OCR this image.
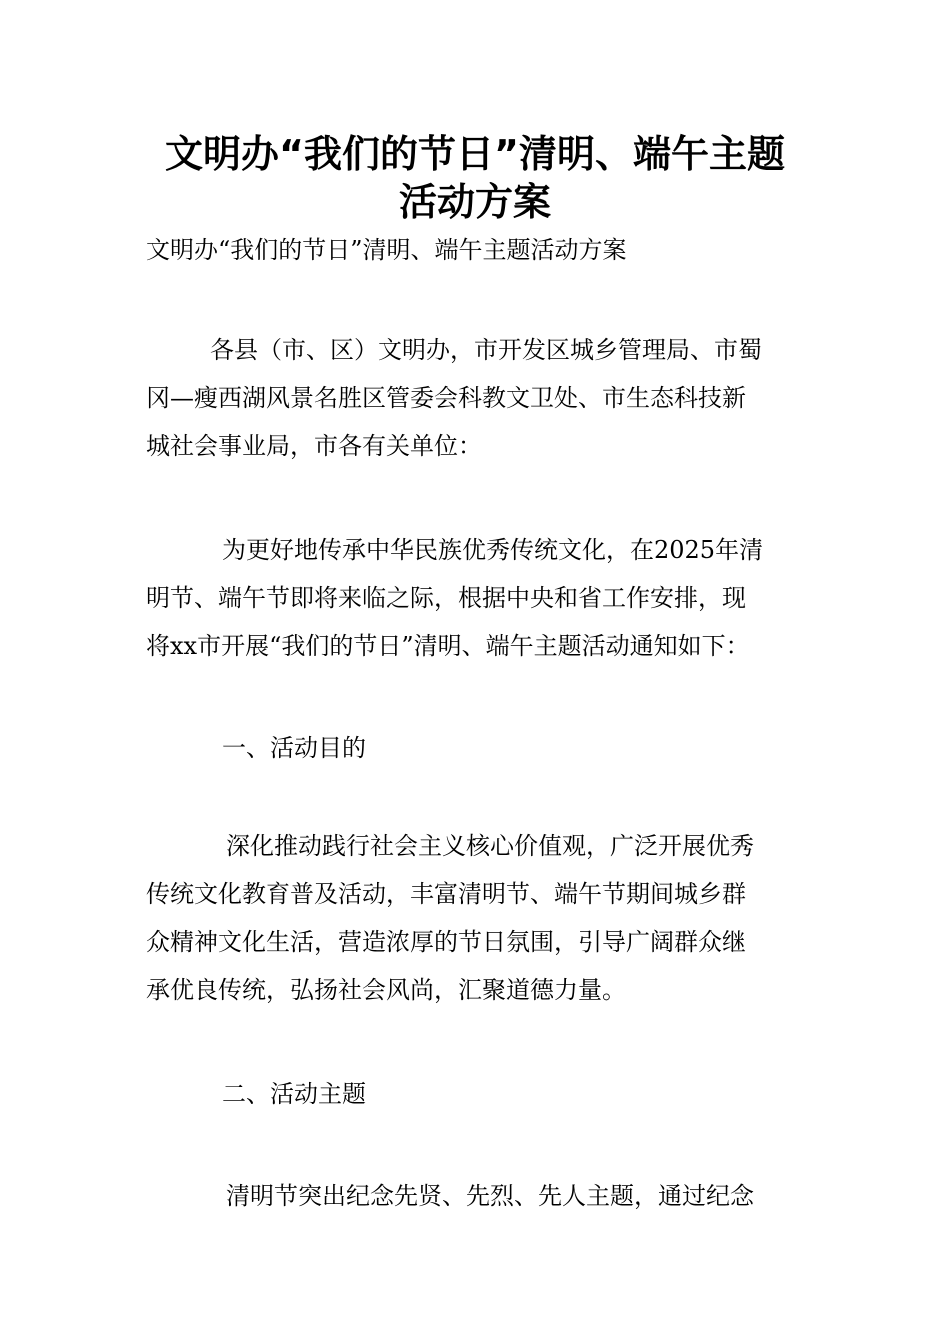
文明办“我们的节日”清明、端午主题
活动方案

文明办“我们的节日”清明、端午主题活动方案

各县（市、区）文明办，市开发区城乡管理局、市蜀

冈—瘦西湖风景名胜区管委会科教文卫处、市生态科技新

城社会事业局，市各有关单位：

为更好地传承中华民族优秀传统文化，在2025年清

明节、端午节即将来临之际，根据中央和省工作安排，现

将xx市开展“我们的节日”清明、端午主题活动通知如下：

一、活动目的

深化推动践行社会主义核心价值观，广泛开展优秀

传统文化教育普及活动，丰富清明节、端午节期间城乡群

众精神文化生活，营造浓厚的节日氛围，引导广阔群众继

承优良传统，弘扬社会风尚，汇聚道德力量。

二、活动主题

清明节突出纪念先贤、先烈、先人主题，通过纪念
